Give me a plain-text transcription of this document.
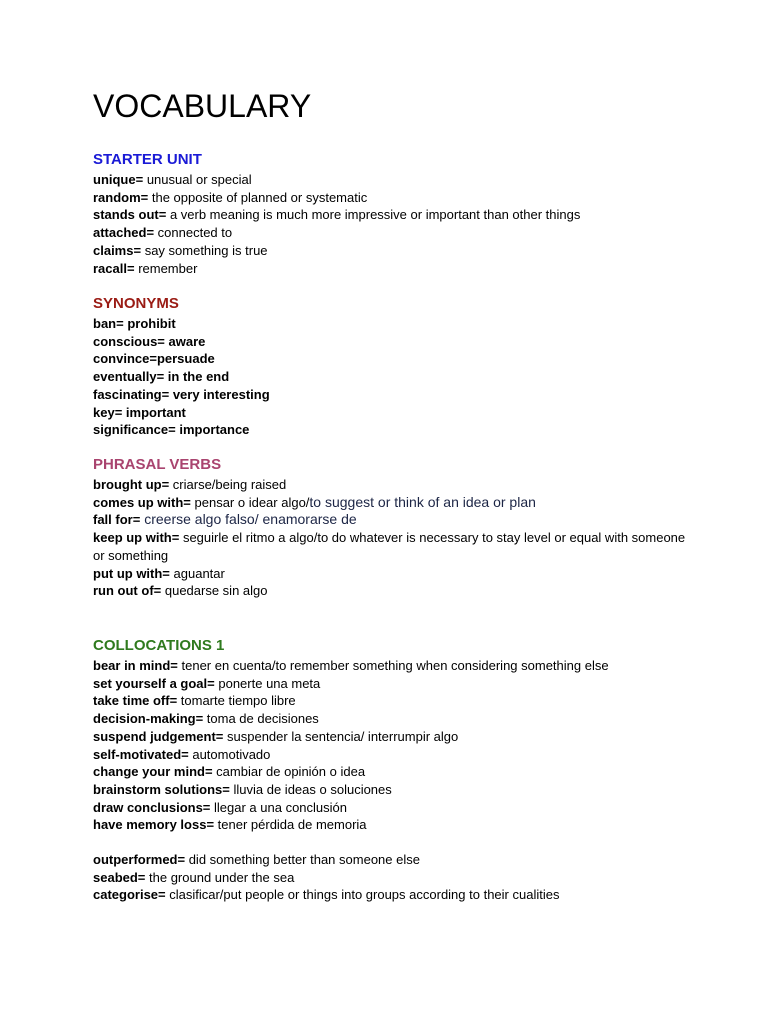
VOCABULARY
STARTER UNIT
unique= unusual or special
random= the opposite of planned or systematic
stands out= a verb meaning is much more impressive or important than other things
attached= connected to
claims= say something is true
racall= remember
SYNONYMS
ban= prohibit
conscious= aware
convince=persuade
eventually= in the end
fascinating= very interesting
key= important
significance= importance
PHRASAL VERBS
brought up= criarse/being raised
comes up with= pensar o idear algo/to suggest or think of an idea or plan
fall for= creerse algo falso/ enamorarse de
keep up with= seguirle el ritmo a algo/to do whatever is necessary to stay level or equal with someone or something
put up with= aguantar
run out of= quedarse sin algo
COLLOCATIONS 1
bear in mind= tener en cuenta/to remember something when considering something else
set yourself a goal= ponerte una meta
take time off= tomarte tiempo libre
decision-making= toma de decisiones
suspend judgement= suspender la sentencia/ interrumpir algo
self-motivated= automotivado
change your mind= cambiar de opinión o idea
brainstorm solutions= lluvia de ideas o soluciones
draw conclusions= llegar a una conclusión
have memory loss= tener pérdida de memoria
outperformed= did something better than someone else
seabed= the ground under the sea
categorise= clasificar/put people or things into groups according to their cualities
